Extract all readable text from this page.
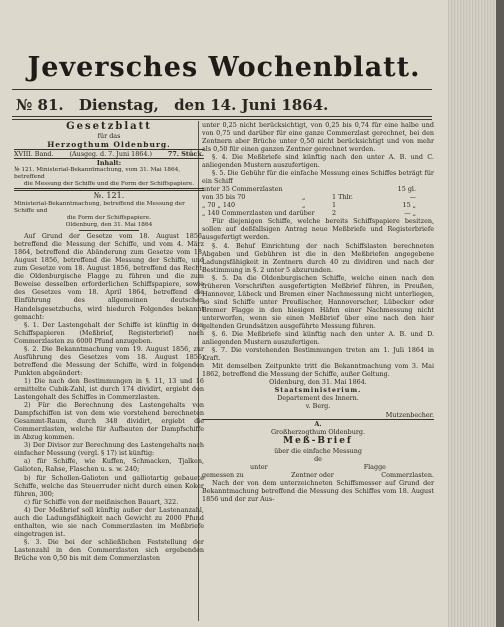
Jeversches Wochenblatt.
№ 81. Dienstag, den 14. Juni 1864.
Gesetzblatt
für das
Herzogthum Oldenburg.
XVIII. Band. (Ausgeg. d. 7. Juni 1864.) 77. Stück.
Inhalt:
№ 121. Ministerial-Bekanntmachung, vom 31. Mai 1864, betreffend
die Messung der Schiffe und die Form der Schiffspapiere.
№. 121.
Ministerial-Bekanntmachung, betreffend die Messung der Schiffe und
die Form der Schiffspapiere.
Oldenburg, den 31. Mai 1864

Auf Grund der Gesetze vom 18. August 1856, betreffend die Messung der Schiffe, und vom 4. März 1864, betreffend die Abänderung zum Gesetze vom 18. August 1856, betreffend die Messung der Schiffe, und zum Gesetze vom 18. August 1856, betreffend das Recht, die Oldenburgische Flagge zu führen und die zum Beweise desselben erforderlichen Schiffspapiere, sowie des Gesetzes vom 18. April 1864, betreffend die Einführung des allgemeinen deutschen Handelsgesetzbuchs, wird hiedurch Folgendes bekannt gemacht:

§. 1. Der Lastengehalt der Schiffe ist künftig in den Schiffspapieren (Meßbrief, Registerbrief) nach Commerzlasten zu 6000 Pfund anzugeben.

§. 2. Die Bekanntmachung vom 19. August 1856, zur Ausführung des Gesetzes vom 18. August 1856, betreffend die Messung der Schiffe, wird in folgenden Punkten abgeändert:

1) Die nach den Bestimmungen in §. 11, 13 und 16 ermittelte Cubik-Zahl, ist durch 174 dividirt, ergiebt den Lastengehalt des Schiffes in Commerzlasten.

2) Für die Berechnung des Lastengehalts von Dampfschiffen ist von dem wie vorstehend berechneten Gesammt-Raum, durch 348 dividirt, ergiebt die Commerzlasten, welche für Aufbauten der Dampfschiffe in Abzug kommen.

3) Der Divisor zur Berechnung des Lastengehalts nach einfacher Messung (vergl. § 17) ist künftig:

a) für Schiffe, wie Kuffen, Schmacken, Tjalken, Galioten, Rahse, Flaschen u. s. w. 240;

b) für Schollen-Galioten und galliotartig gebauete Schiffe, welche das Steuerruder nicht durch einen Koker führen, 300;

c) für Schiffe von der meißnischen Bauart, 322.

4) Der Meßbrief soll künftig außer der Lastenanzahl, auch die Ladungsfähigkeit nach Gewicht zu 2000 Pfund enthalten, wie sie nach Commerzlasten im Meßbriefe eingetragen ist.

§. 3. Die bei der schließlichen Feststellung der Lastenzahl in den Commerzlasten sich ergebenden Brüche von 0,50 bis mit dem Commerzlasten

unter 0,25 nicht berücksichtigt, von 0,25 bis 0,74 für eine halbe und von 0,75 und darüber für eine ganze Commerzlast gerechnet, bei den Zentnern aber Brüche unter 0,50 nicht berücksichtigt und von mehr als 0,50 für einen ganzen Zentner gerechnet werden.

§. 4. Die Meßbriefe sind künftig nach den unter A. B. und C. anliegenden Mustern auszufertigen.

§. 5. Die Gebühr für die einfache Messung eines Schiffes beträgt für ein Schiff

unter 35 Commerzlasten	15 gl.
von 35 bis 70	„	1 Thlr.	—
„ 70 „ 140	„	1	15 „
„ 140 Commerzlasten und darüber	2	— „

Für diejenigen Schiffe, welche bereits Schiffspapiere besitzen, sollen auf deßfallsigen Antrag neue Meßbriefe und Registerbriefe ausgefertigt werden.

§. 4. Behuf Einrichtung der nach Schiffslasten berechneten Abgaben und Gebühren ist die in den Meßbriefen angegebene Ladungsfähigkeit in Zentnern durch 40 zu dividiren und nach der Bestimmung in §. 2 unter 5 abzurunden.

§. 5. Da die Oldenburgischen Schiffe, welche einen nach den früheren Vorschriften ausgefertigten Meßbrief führen, in Preußen, Hannover, Lübeck und Bremen einer Nachmessung nicht unterliegen, so sind Schiffe unter Preußischer, Hannoverscher, Lübecker oder Bremer Flagge in den hiesigen Häfen einer Nachmessung nicht unterworfen, wenn sie einen Meßbrief über eine nach den hier geltenden Grundsätzen ausgeführte Messung führen.

§. 6. Die Meßbriefe sind künftig nach den unter A. B. und D. anliegenden Mustern auszufertigen.

§. 7. Die vorstehenden Bestimmungen treten am 1. Juli 1864 in Kraft.

Mit demselben Zeitpunkte tritt die Bekanntmachung vom 3. Mai 1862, betreffend die Messung der Schiffe, außer Geltung.

Oldenburg, den 31. Mai 1864.
Staatsministerium.
Departement des Innern.
v. Berg.
Mutzenbecher.
A.
Großherzogthum Oldenburg.
Meß-Brief
über die einfache Messung
de
unter	Flagge
gemessen zu	Zentner oder	Commerzlasten.

Nach der von dem unterzeichneten Schiffsmesser auf Grund der Bekanntmachung betreffend die Messung des Schiffes vom 18. August 1856 und der zur Aus-
